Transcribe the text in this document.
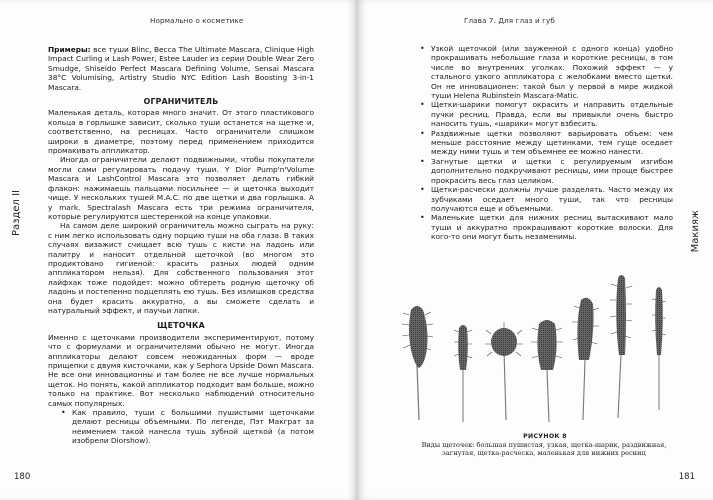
Нормально о косметике
Раздел II

Примеры: все туши Blinc, Becca The Ultimate Mascara, Clinique High Impact Curling и Lash Power, Estee Lauder из серии Double Wear Zero Smudge, Shiseido Perfect Mascara Defining Volume, Sensai Mascara 38°C Volumising, Artistry Studio NYC Edition Lash Boosting 3-in-1 Mascara.

ОГРАНИЧИТЕЛЬ

Маленькая деталь, которая много значит. От этого пластикового кольца в горлышке зависит, сколько туши останется на щетке и, соответственно, на ресницах. Часто ограничители слишком широки в диаметре, поэтому перед применением приходится промакивать аппликатор.

Иногда ограничители делают подвижными, чтобы покупатели могли сами регулировать подачу туши. Y Dior Pump'n'Volume Mascara и LashControl Mascara это позволяет делать гибкий флакон: нажимаешь пальцами посильнее — и щеточка выходит чище. У нескольких тушей M.A.C. по две щетки и два горлышка. А у mark. Spectralash Mascara есть три режима ограничителя, которые регулируются шестеренкой на конце упаковки.

На самом деле широкий ограничитель можно сыграть на руку: с ним легко использовать одну порцию туши на оба глаза. В таких случаях визажист счищает всю тушь с кисти на ладонь или палитру и наносит отдельной щеточкой (во многом это продиктовано гигиеной: красить разных людей одним аппликатором нельзя). Для собственного пользования этот лайфхак тоже подойдет: можно обтереть родную щеточку об ладонь и постепенно подцеплять ею тушь. Без излишков средства она будет красить аккуратно, а вы сможете сделать и натуральный эффект, и паучьи лапки.

ЩЕТОЧКА

Именно с щеточками производители экспериментируют, потому что с формулами и ограничителями обычно не могут. Иногда аппликаторы делают совсем неожиданных форм — вроде прищепки с двумя кисточками, как у Sephora Upside Down Mascara. Не все они инновационны и там более не все лучше нормальных щеток. Но понять, какой аппликатор подходит вам больше, можно только на практике. Вот несколько наблюдений относительно самых популярных.

• Как правило, туши с большими пушистыми щеточками делают ресницы объемными. По легенде, Пэт Макграт за неимением такой нанесла тушь зубной щеткой (а потом изобрели Diorshow).
180
Глава 7. Для глаз и губ
Макияж
• Узкой щеточкой (или зауженной с одного конца) удобно прокрашивать небольшие глаза и короткие ресницы, в том числе во внутренних уголках. Похожий эффект — у стального узкого аппликатора с желобками вместо щетки. Он не инновационен: такой был у первой в мире жидкой туши Helena Rubinstein Mascara-Matic.
• Щетки-шарики помогут окрасить и направить отдельные пучки ресниц. Правда, если вы привыкли очень быстро наносить тушь, «шарики» могут взбесить.
• Раздвижные щетки позволяют варьировать объем: чем меньше расстояние между щетинками, тем гуще оседает между ними тушь и тем объемнее ее можно нанести.
• Загнутые щетки и щетки с регулируемым изгибом дополнительно подкручивают ресницы, ими проще быстрее прокрасить весь глаз целиком.
• Щетки-расчески должны лучше разделять. Часто между их зубчиками оседает много туши, так что ресницы получаются еще и объемными.
• Маленькие щетки для нижних ресниц вытаскивают мало туши и аккуратно прокрашивают короткие волоски. Для кого-то они могут быть незаменимы.
РИСУНОК 8
Виды щеточек: большая пушистая, узкая, щетка-шарик, раздвижная, загнутая, щетка-расческа, маленькая для нижних ресниц
181
